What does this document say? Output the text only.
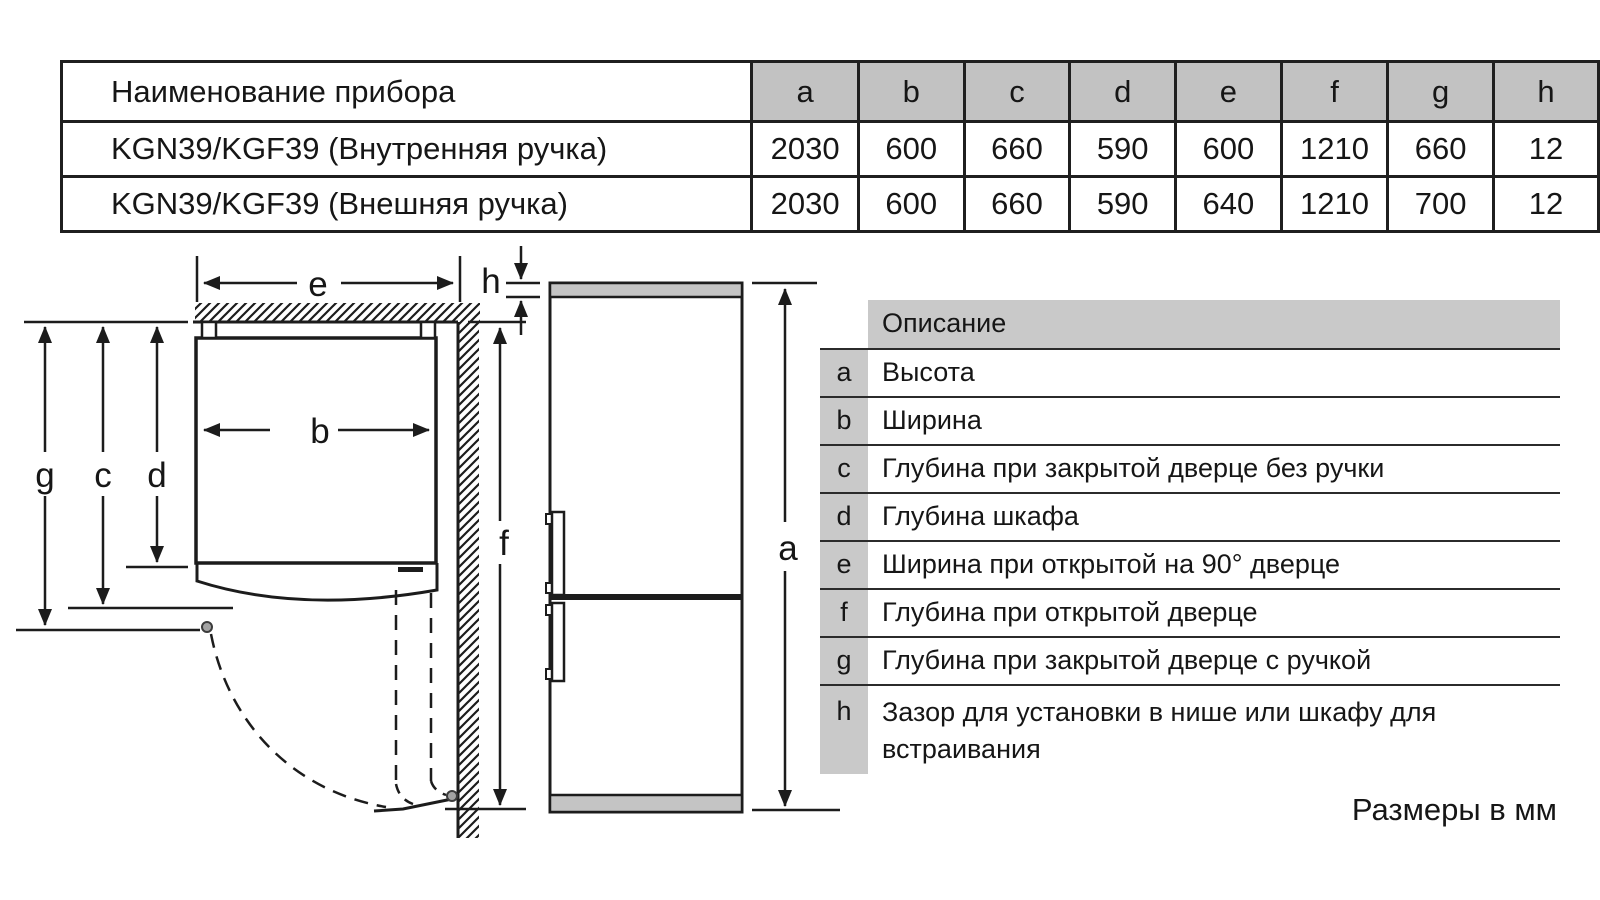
Наименование прибора	a	b	c	d	e	f	g	h
KGN39/KGF39 (Внутренняя ручка)	2030	600	660	590	600	1210	660	12
KGN39/KGF39 (Внешняя ручка)	2030	600	660	590	640	1210	700	12
e	h
g c d
b
f	a
Описание
a	Высота
b	Ширина
c	Глубина при закрытой дверце без ручки
d	Глубина шкафа
e	Ширина при открытой на 90° дверце
f	Глубина при открытой дверце
g	Глубина при закрытой дверце с ручкой
h	Зазор для установки в нише или шкафу для встраивания
Размеры в мм
